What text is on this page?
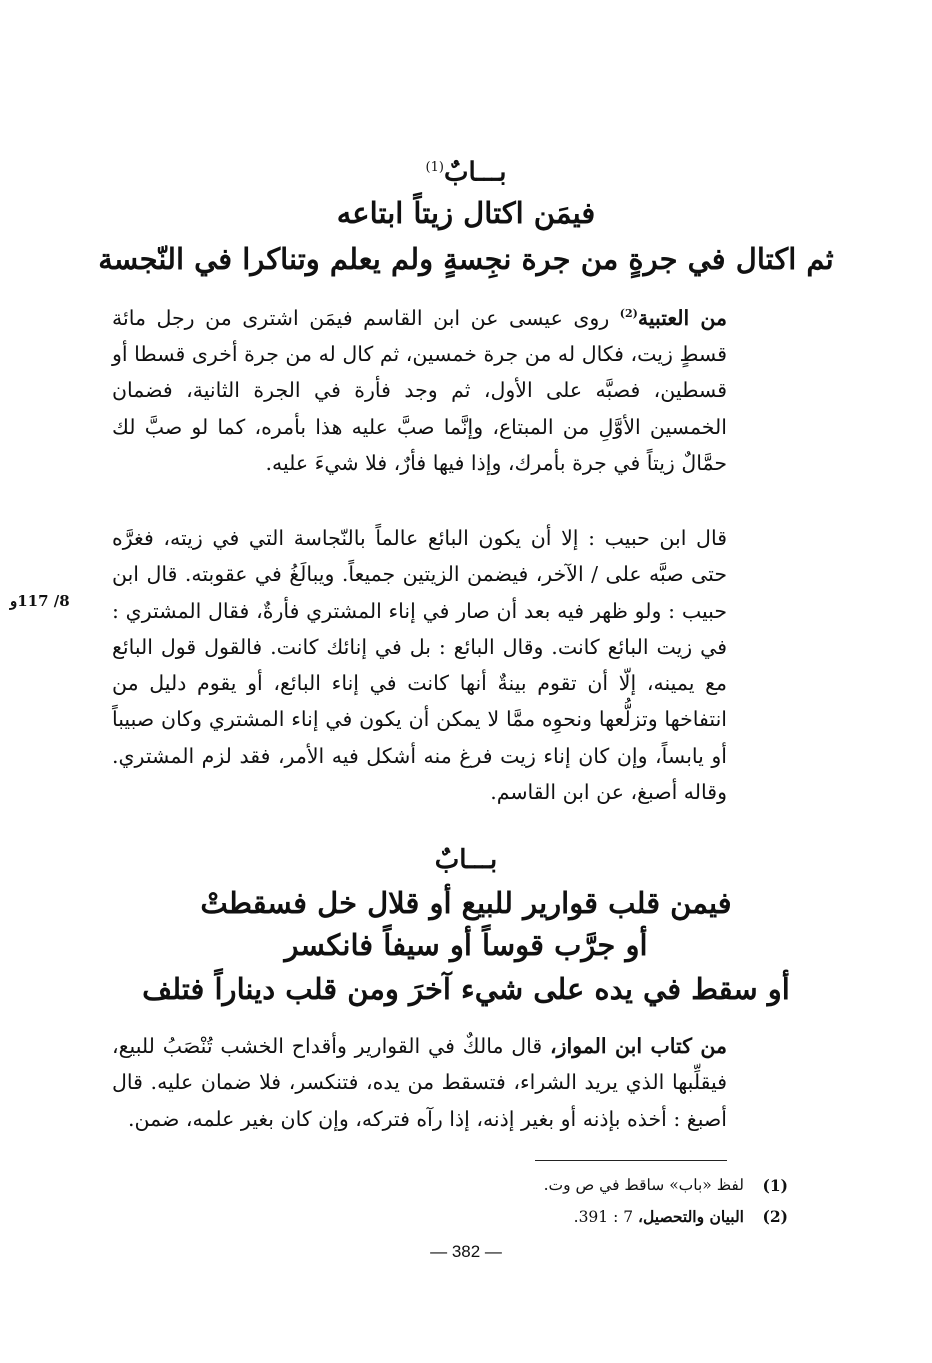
بـــابٌ$^{(1)}$
فيمَن اكتال زيتاً ابتاعه
ثم اكتال في جرةٍ من جرة نجِسةٍ ولم يعلم وتناكرا في النّجسة

من العتبية$^{(2)}$ روى عيسى عن ابن القاسم فيمَن اشترى من رجل مائة قسطٍ زيت، فكال له من جرة خمسين، ثم كال له من جرة أخرى قسطا أو قسطين، فصبَّه على الأول، ثم وجد فأرة في الجرة الثانية، فضمان الخمسين الأوَّلِ من المبتاع، وإنَّما صبَّ عليه هذا بأمره، كما لو صبَّ لك حمَّالٌ زيتاً في جرة بأمرك، وإذا فيها فأرٌ، فلا شيءَ عليه.

قال ابن حبيب : إلا أن يكون البائع عالماً بالنّجاسة التي في زيته، فغرَّه حتى صبَّه على / الآخر، فيضمن الزيتين جميعاً. ويبالَغُ في عقوبته. قال ابن حبيب : ولو ظهر فيه بعد أن صار في إناء المشتري فأرةٌ، فقال المشتري : في زيت البائع كانت. وقال البائع : بل في إنائك كانت. فالقول قول البائع مع يمينه، إلّا أن تقوم بينةٌ أنها كانت في إناء البائع، أو يقوم دليل من انتفاخها وتزلُّعها ونحوِه ممَّا لا يمكن أن يكون في إناء المشتري وكان صبيباً أو يابساً، وإن كان إناء زيت فرغ منه أشكل فيه الأمر، فقد لزم المشتري. وقاله أصبغ، عن ابن القاسم.

8/ 117و
بـــابٌ
فيمن قلب قوارير للبيع أو قلال خل فسقطتْ
أو جرَّب قوساً أو سيفاً فانكسر
أو سقط في يده على شيء آخرَ ومن قلب ديناراً فتلف

من كتاب ابن المواز، قال مالكٌ في القوارير وأقداح الخشب تُنْصَبُ للبيع، فيقلِّبها الذي يريد الشراء، فتسقط من يده، فتنكسر، فلا ضمان عليه. قال أصبغ : أخذه بإذنه أو بغير إذنه، إذا رآه فتركه، وإن كان بغير علمه، ضمن.

(1)
لفظ «باب» ساقط في ص وت.
(2)
البيان والتحصيل، 7 : 391.
— 382 —
